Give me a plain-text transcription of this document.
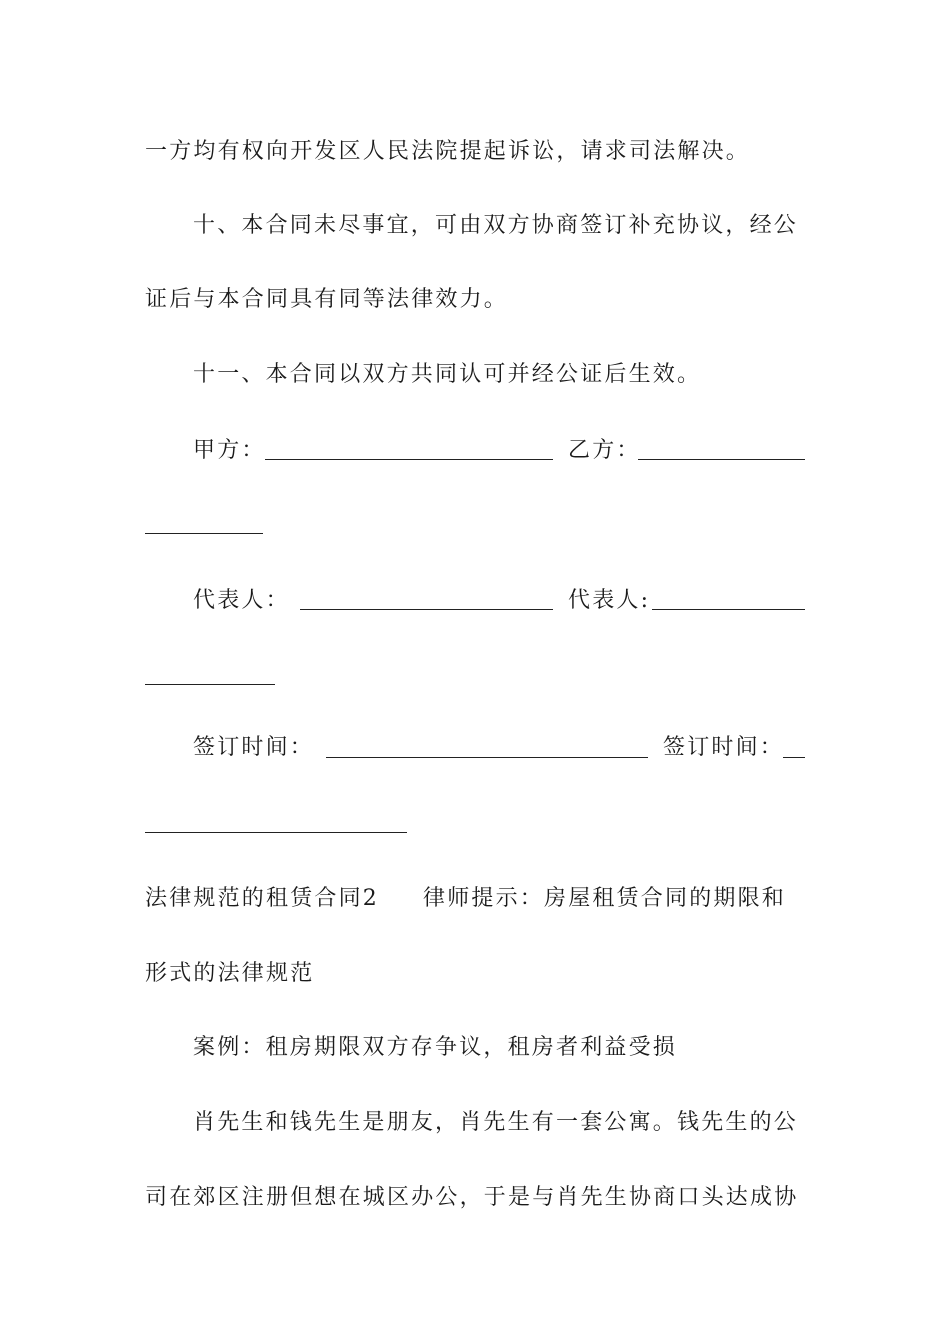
一方均有权向开发区人民法院提起诉讼，请求司法解决。
十、本合同未尽事宜，可由双方协商签订补充协议，经公
证后与本合同具有同等法律效力。
十一、本合同以双方共同认可并经公证后生效。
甲方：	乙方：
代表人：	代表人:
签订时间：	签订时间：
法律规范的租赁合同2 律师提示：房屋租赁合同的期限和
形式的法律规范
案例：租房期限双方存争议，租房者利益受损
肖先生和钱先生是朋友，肖先生有一套公寓。钱先生的公
司在郊区注册但想在城区办公，于是与肖先生协商口头达成协
